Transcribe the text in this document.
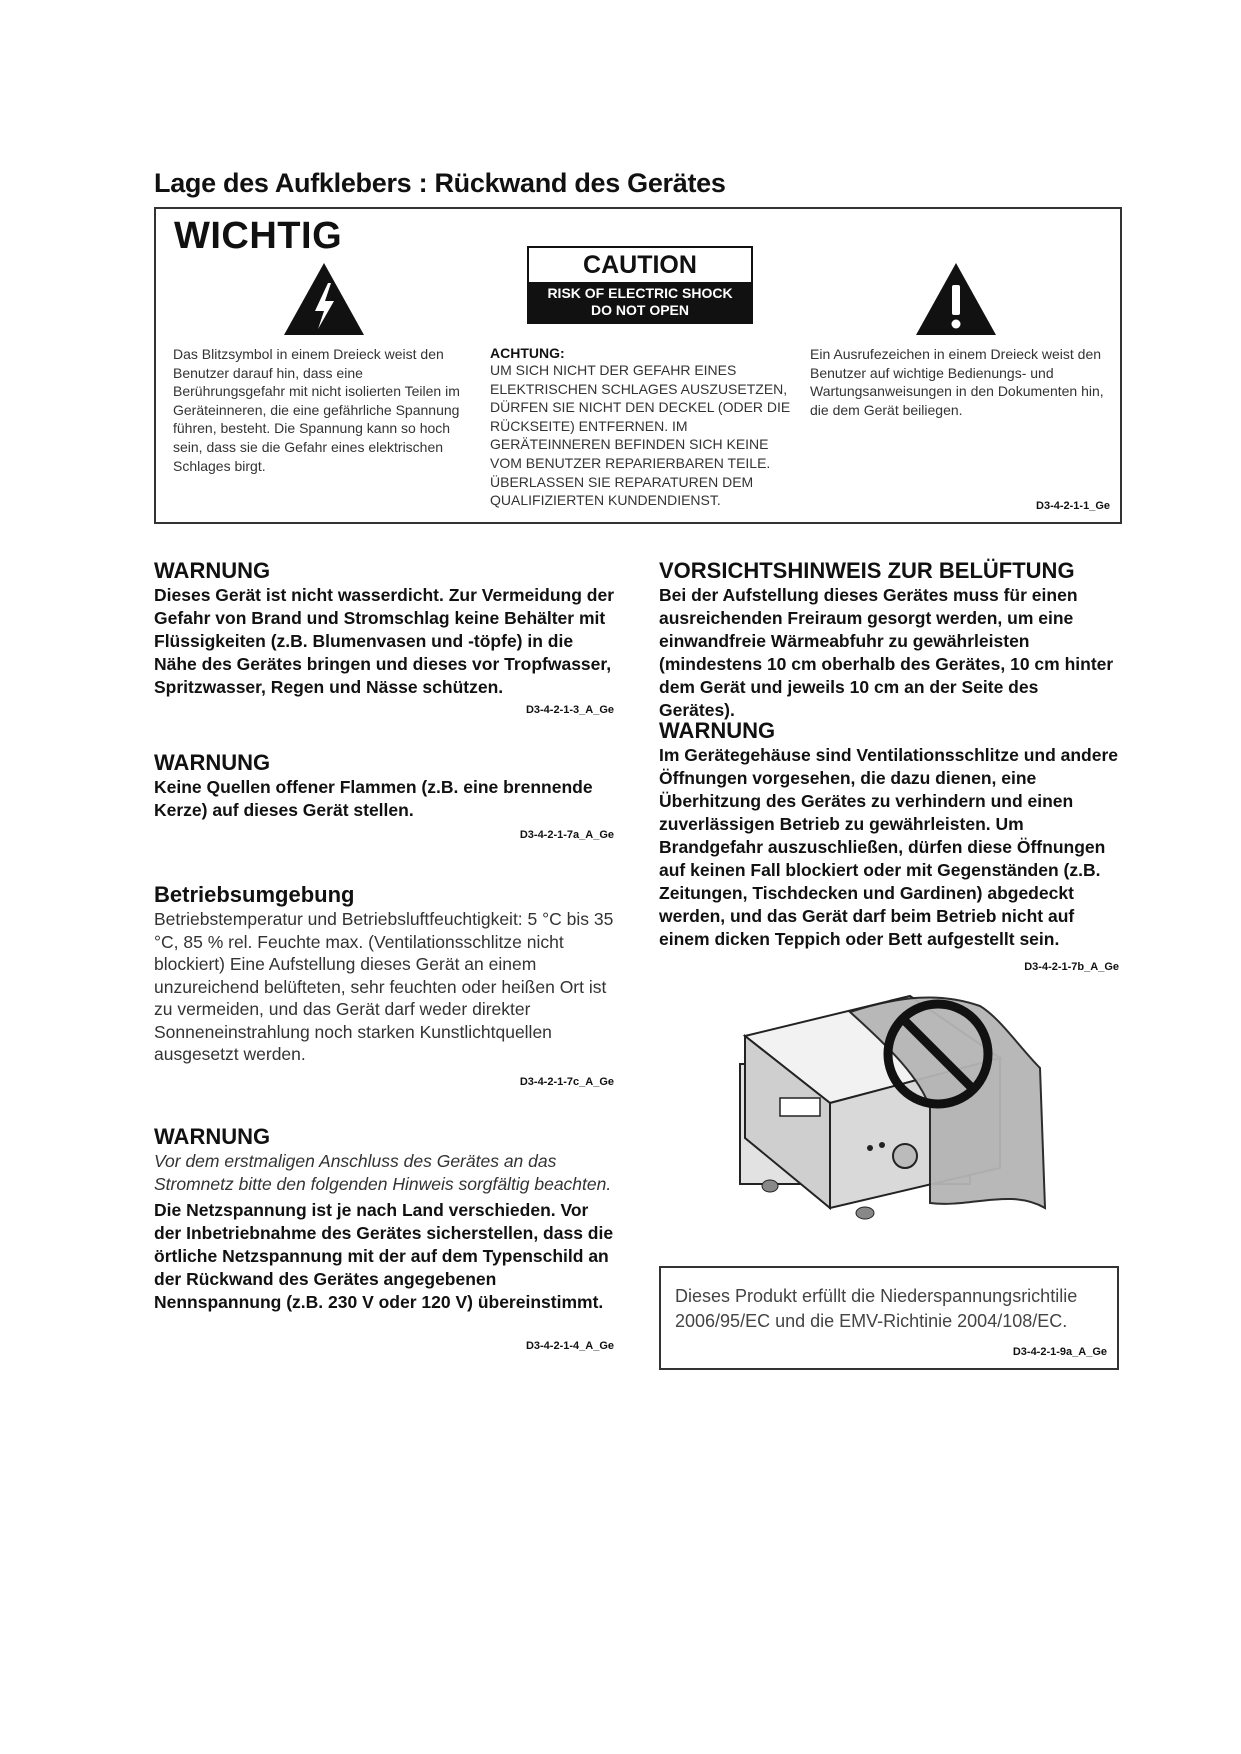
Lage des Aufklebers : Rückwand des Gerätes
WICHTIG
CAUTION
RISK OF ELECTRIC SHOCK
DO NOT OPEN

Das Blitzsymbol in einem Dreieck weist den Benutzer darauf hin, dass eine Berührungsgefahr mit nicht isolierten Teilen im Geräteinneren, die eine gefährliche Spannung führen, besteht. Die Spannung kann so hoch sein, dass sie die Gefahr eines elektrischen Schlages birgt.

ACHTUNG:

UM SICH NICHT DER GEFAHR EINES ELEKTRISCHEN SCHLAGES AUSZUSETZEN, DÜRFEN SIE NICHT DEN DECKEL (ODER DIE RÜCKSEITE) ENTFERNEN. IM GERÄTEINNEREN BEFINDEN SICH KEINE VOM BENUTZER REPARIERBAREN TEILE. ÜBERLASSEN SIE REPARATUREN DEM QUALIFIZIERTEN KUNDENDIENST.

Ein Ausrufezeichen in einem Dreieck weist den Benutzer auf wichtige Bedienungs- und Wartungsanweisungen in den Dokumenten hin, die dem Gerät beiliegen.

D3-4-2-1-1_Ge
WARNUNG

Dieses Gerät ist nicht wasserdicht. Zur Vermeidung der Gefahr von Brand und Stromschlag keine Behälter mit Flüssigkeiten (z.B. Blumenvasen und -töpfe) in die Nähe des Gerätes bringen und dieses vor Tropfwasser, Spritzwasser, Regen und Nässe schützen.

D3-4-2-1-3_A_Ge
WARNUNG

Keine Quellen offener Flammen (z.B. eine brennende Kerze) auf dieses Gerät stellen.

D3-4-2-1-7a_A_Ge
Betriebsumgebung

Betriebstemperatur und Betriebsluftfeuchtigkeit: 5 °C bis 35 °C, 85 % rel. Feuchte max. (Ventilationsschlitze nicht blockiert) Eine Aufstellung dieses Gerät an einem unzureichend belüfteten, sehr feuchten oder heißen Ort ist zu vermeiden, und das Gerät darf weder direkter Sonneneinstrahlung noch starken Kunstlichtquellen ausgesetzt werden.

D3-4-2-1-7c_A_Ge
WARNUNG

Vor dem erstmaligen Anschluss des Gerätes an das Stromnetz bitte den folgenden Hinweis sorgfältig beachten.

Die Netzspannung ist je nach Land verschieden. Vor der Inbetriebnahme des Gerätes sicherstellen, dass die örtliche Netzspannung mit der auf dem Typenschild an der Rückwand des Gerätes angegebenen Nennspannung (z.B. 230 V oder 120 V) übereinstimmt.

D3-4-2-1-4_A_Ge
VORSICHTSHINWEIS ZUR BELÜFTUNG

Bei der Aufstellung dieses Gerätes muss für einen ausreichenden Freiraum gesorgt werden, um eine einwandfreie Wärmeabfuhr zu gewährleisten (mindestens 10 cm oberhalb des Gerätes, 10 cm hinter dem Gerät und jeweils 10 cm an der Seite des Gerätes).

WARNUNG

Im Gerätegehäuse sind Ventilationsschlitze und andere Öffnungen vorgesehen, die dazu dienen, eine Überhitzung des Gerätes zu verhindern und einen zuverlässigen Betrieb zu gewährleisten. Um Brandgefahr auszuschließen, dürfen diese Öffnungen auf keinen Fall blockiert oder mit Gegenständen (z.B. Zeitungen, Tischdecken und Gardinen) abgedeckt werden, und das Gerät darf beim Betrieb nicht auf einem dicken Teppich oder Bett aufgestellt sein.

D3-4-2-1-7b_A_Ge

Dieses Produkt erfüllt die Niederspannungsrichtilie 2006/95/EC und die EMV-Richtinie 2004/108/EC.

D3-4-2-1-9a_A_Ge
